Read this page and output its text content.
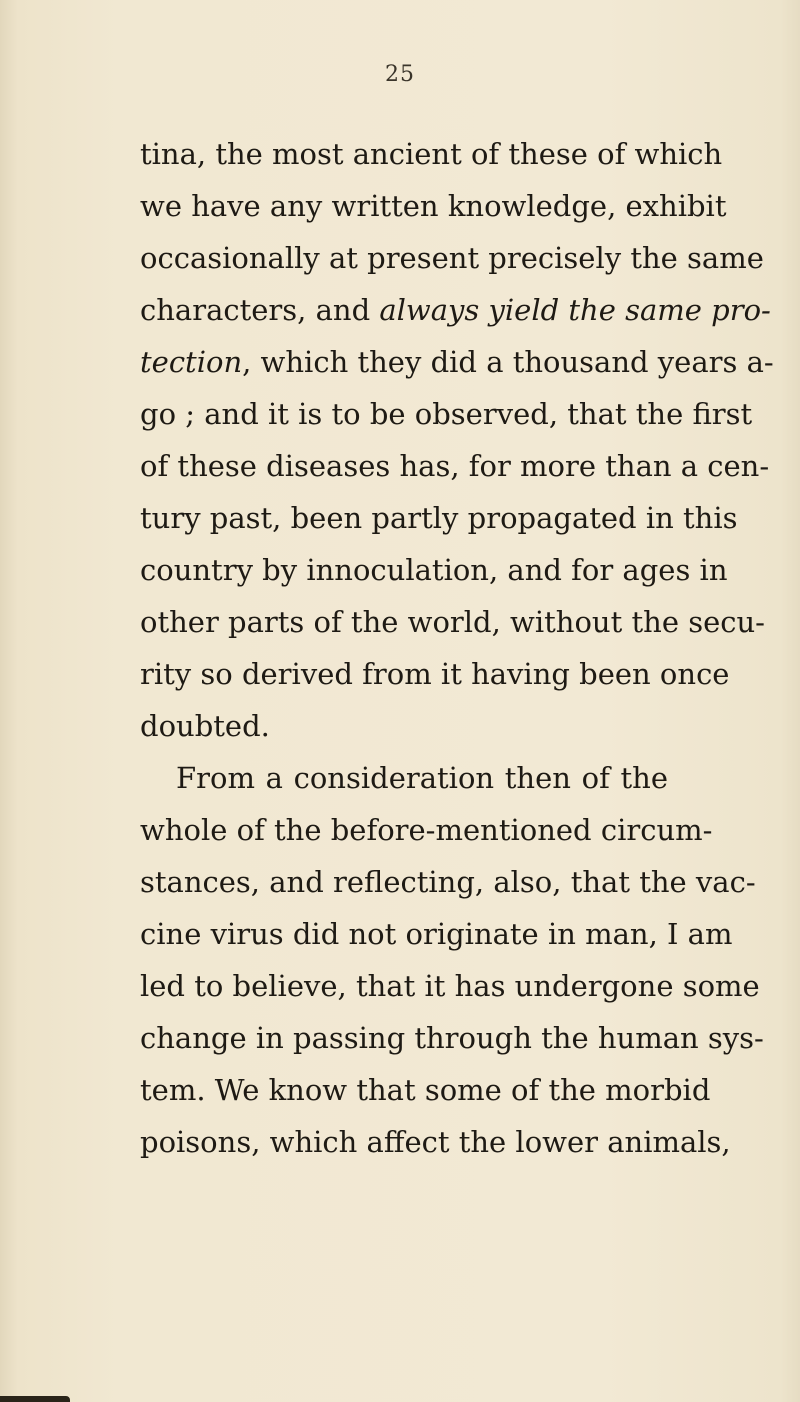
25
tina, the most ancient of these of which
we have any written knowledge, exhibit
occasionally at present precisely the same
characters, and always yield the same pro-
tection, which they did a thousand years a-
go ; and it is to be observed, that the first
of these diseases has, for more than a cen-
tury past, been partly propagated in this
country by innoculation, and for ages in
other parts of the world, without the secu-
rity so derived from it having been once
doubted.
From a consideration then of the
whole of the before-mentioned circum-
stances, and reflecting, also, that the vac-
cine virus did not originate in man, I am
led to believe, that it has undergone some
change in passing through the human sys-
tem. We know that some of the morbid
poisons, which affect the lower animals,
